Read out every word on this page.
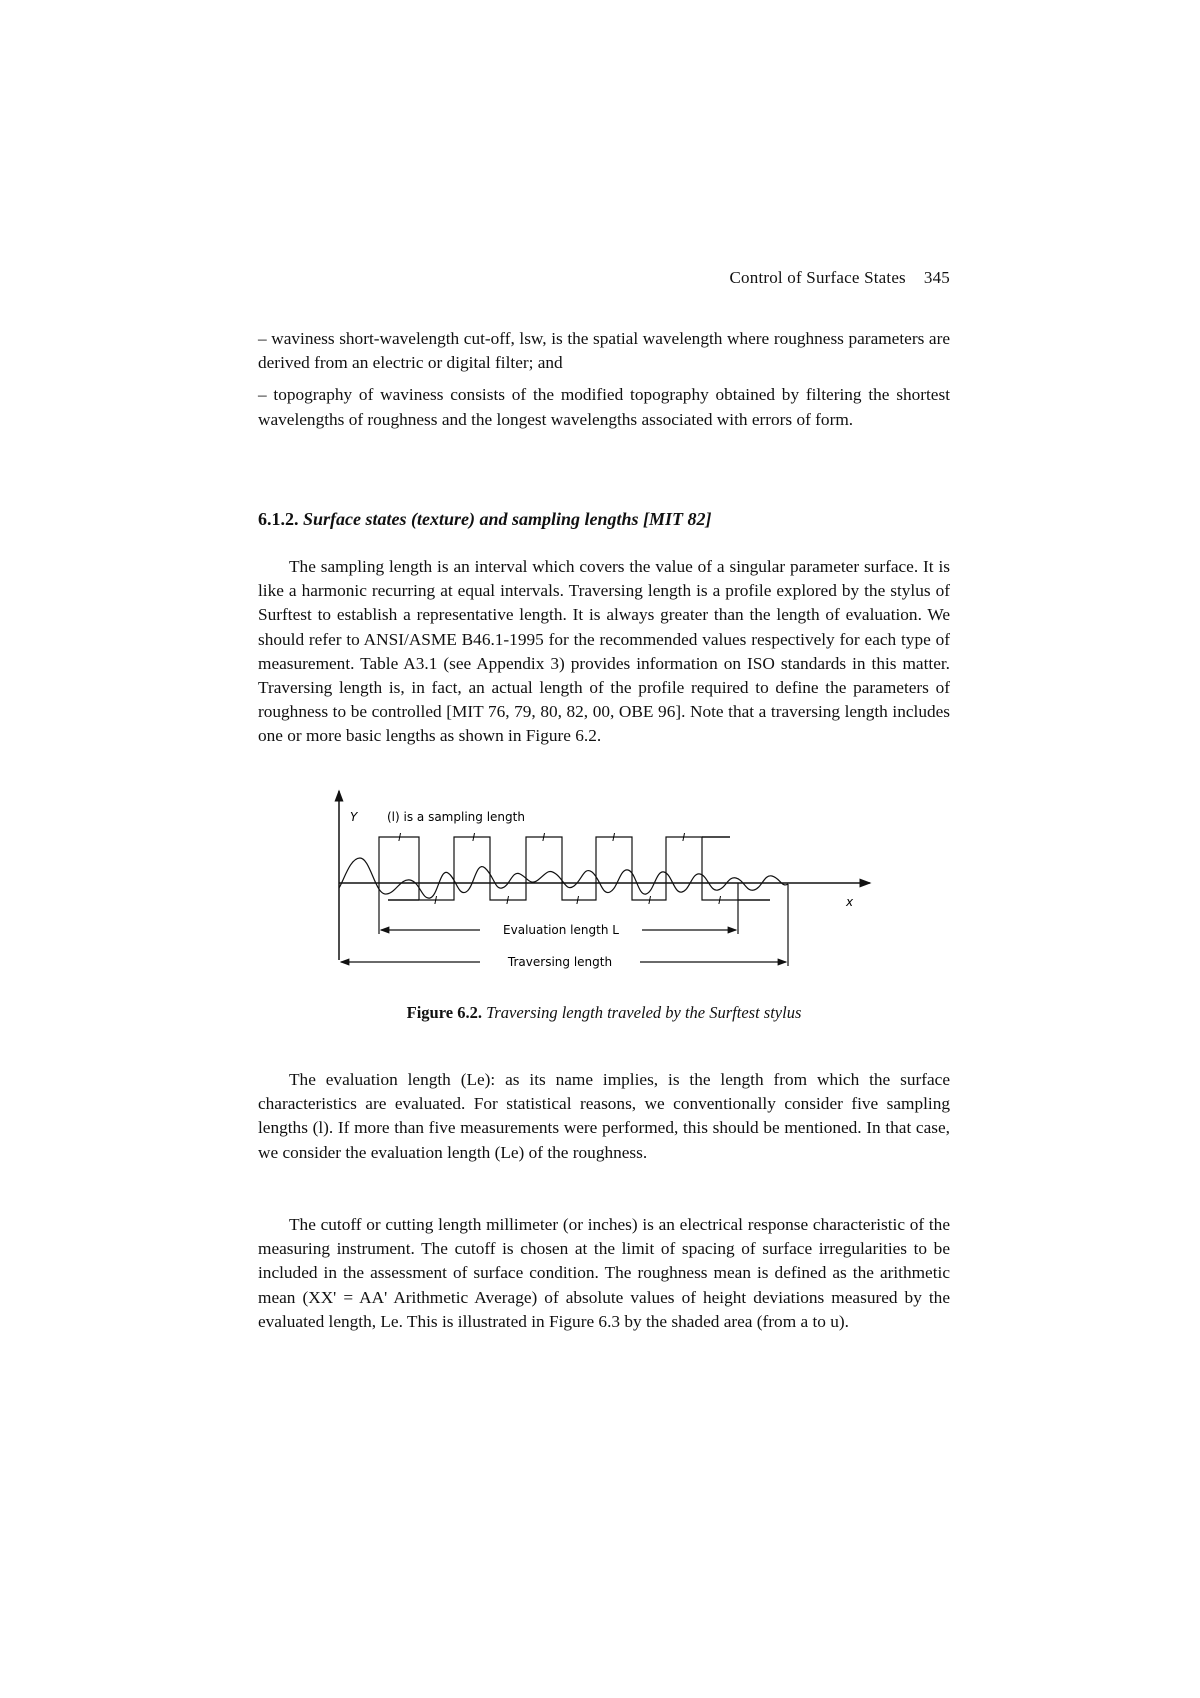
Control of Surface States 345

– waviness short-wavelength cut-off, lsw, is the spatial wavelength where roughness parameters are derived from an electric or digital filter; and

– topography of waviness consists of the modified topography obtained by filtering the shortest wavelengths of roughness and the longest wavelengths associated with errors of form.

6.1.2. Surface states (texture) and sampling lengths [MIT 82]

The sampling length is an interval which covers the value of a singular parameter surface. It is like a harmonic recurring at equal intervals. Traversing length is a profile explored by the stylus of Surftest to establish a representative length. It is always greater than the length of evaluation. We should refer to ANSI/ASME B46.1-1995 for the recommended values respectively for each type of measurement. Table A3.1 (see Appendix 3) provides information on ISO standards in this matter. Traversing length is, in fact, an actual length of the profile required to define the parameters of roughness to be controlled [MIT 76, 79, 80, 82, 00, OBE 96]. Note that a traversing length includes one or more basic lengths as shown in Figure 6.2.

Y (l) is a sampling length
x
l	l	l	l	l
l	l	l	l	l
Evaluation length L
Traversing length
Figure 6.2. Traversing length traveled by the Surftest stylus

The evaluation length (Le): as its name implies, is the length from which the surface characteristics are evaluated. For statistical reasons, we conventionally consider five sampling lengths (l). If more than five measurements were performed, this should be mentioned. In that case, we consider the evaluation length (Le) of the roughness.

The cutoff or cutting length millimeter (or inches) is an electrical response characteristic of the measuring instrument. The cutoff is chosen at the limit of spacing of surface irregularities to be included in the assessment of surface condition. The roughness mean is defined as the arithmetic mean (XX' = AA' Arithmetic Average) of absolute values of height deviations measured by the evaluated length, Le. This is illustrated in Figure 6.3 by the shaded area (from a to u).
